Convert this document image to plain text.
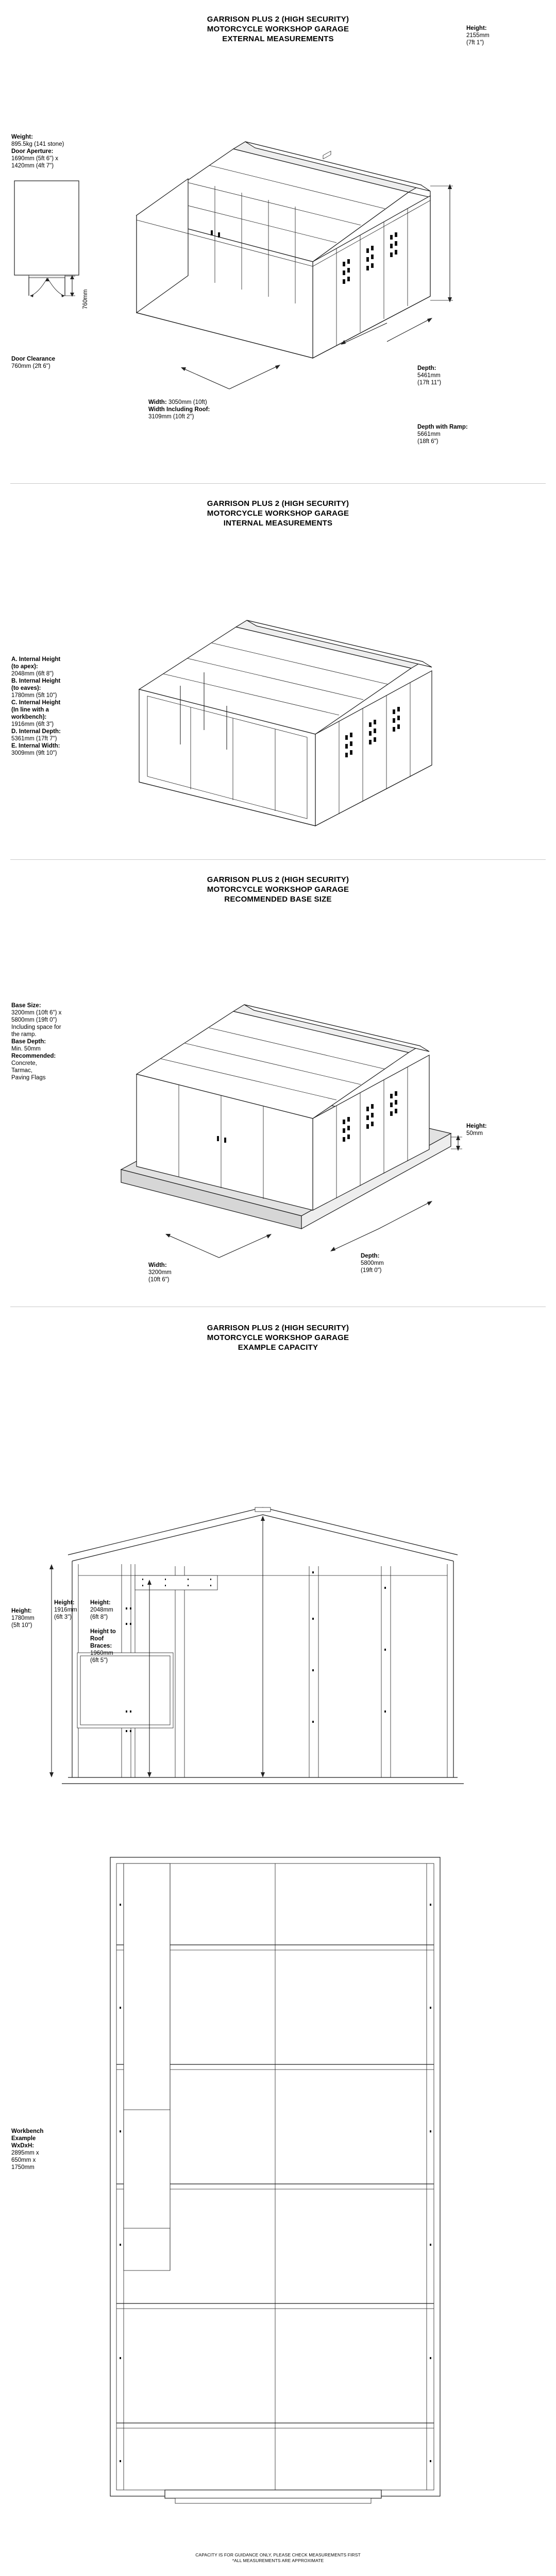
GARRISON PLUS 2 (HIGH SECURITY)
MOTORCYCLE WORKSHOP GARAGE
EXTERNAL MEASUREMENTS
Weight:
895.5kg (141 stone)
Door Aperture:
1690mm (5ft 6") x
1420mm (4ft 7")
760mm
Door Clearance
760mm (2ft 6")
Height:
2155mm
(7ft 1")
Depth:
5461mm
(17ft 11")
Depth with Ramp:
5661mm
(18ft 6")
Width: 3050mm (10ft)
Width Including Roof:
3109mm (10ft 2")
GARRISON PLUS 2 (HIGH SECURITY)
MOTORCYCLE WORKSHOP GARAGE
INTERNAL MEASUREMENTS
A. Internal Height
(to apex):
2048mm (6ft 8")
B. Internal Height
(to eaves):
1780mm (5ft 10")
C. Internal Height
(In line with a
workbench):
1916mm (6ft 3")
D. Internal Depth:
5361mm (17ft 7")
E. Internal Width:
3009mm (9ft 10")
GARRISON PLUS 2 (HIGH SECURITY)
MOTORCYCLE WORKSHOP GARAGE
RECOMMENDED BASE SIZE
Base Size:
3200mm (10ft 6") x
5800mm (19ft 0")
Including space for
the ramp.
Base Depth:
Min. 50mm
Recommended:
Concrete,
Tarmac,
Paving Flags
Height:
50mm
Width:
3200mm
(10ft 6")
Depth:
5800mm
(19ft 0")
GARRISON PLUS 2 (HIGH SECURITY)
MOTORCYCLE WORKSHOP GARAGE
EXAMPLE CAPACITY
Height:
1780mm
(5ft 10")
Height:
1916mm
(6ft 3")
Height:
2048mm
(6ft 8")
Height to
Roof
Braces:
1960mm
(6ft 5")
Workbench
Example
WxDxH:
2895mm x
650mm x
1750mm
CAPACITY IS FOR GUIDANCE ONLY, PLEASE CHECK MEASUREMENTS FIRST
*ALL MEASUREMENTS ARE APPROXIMATE
